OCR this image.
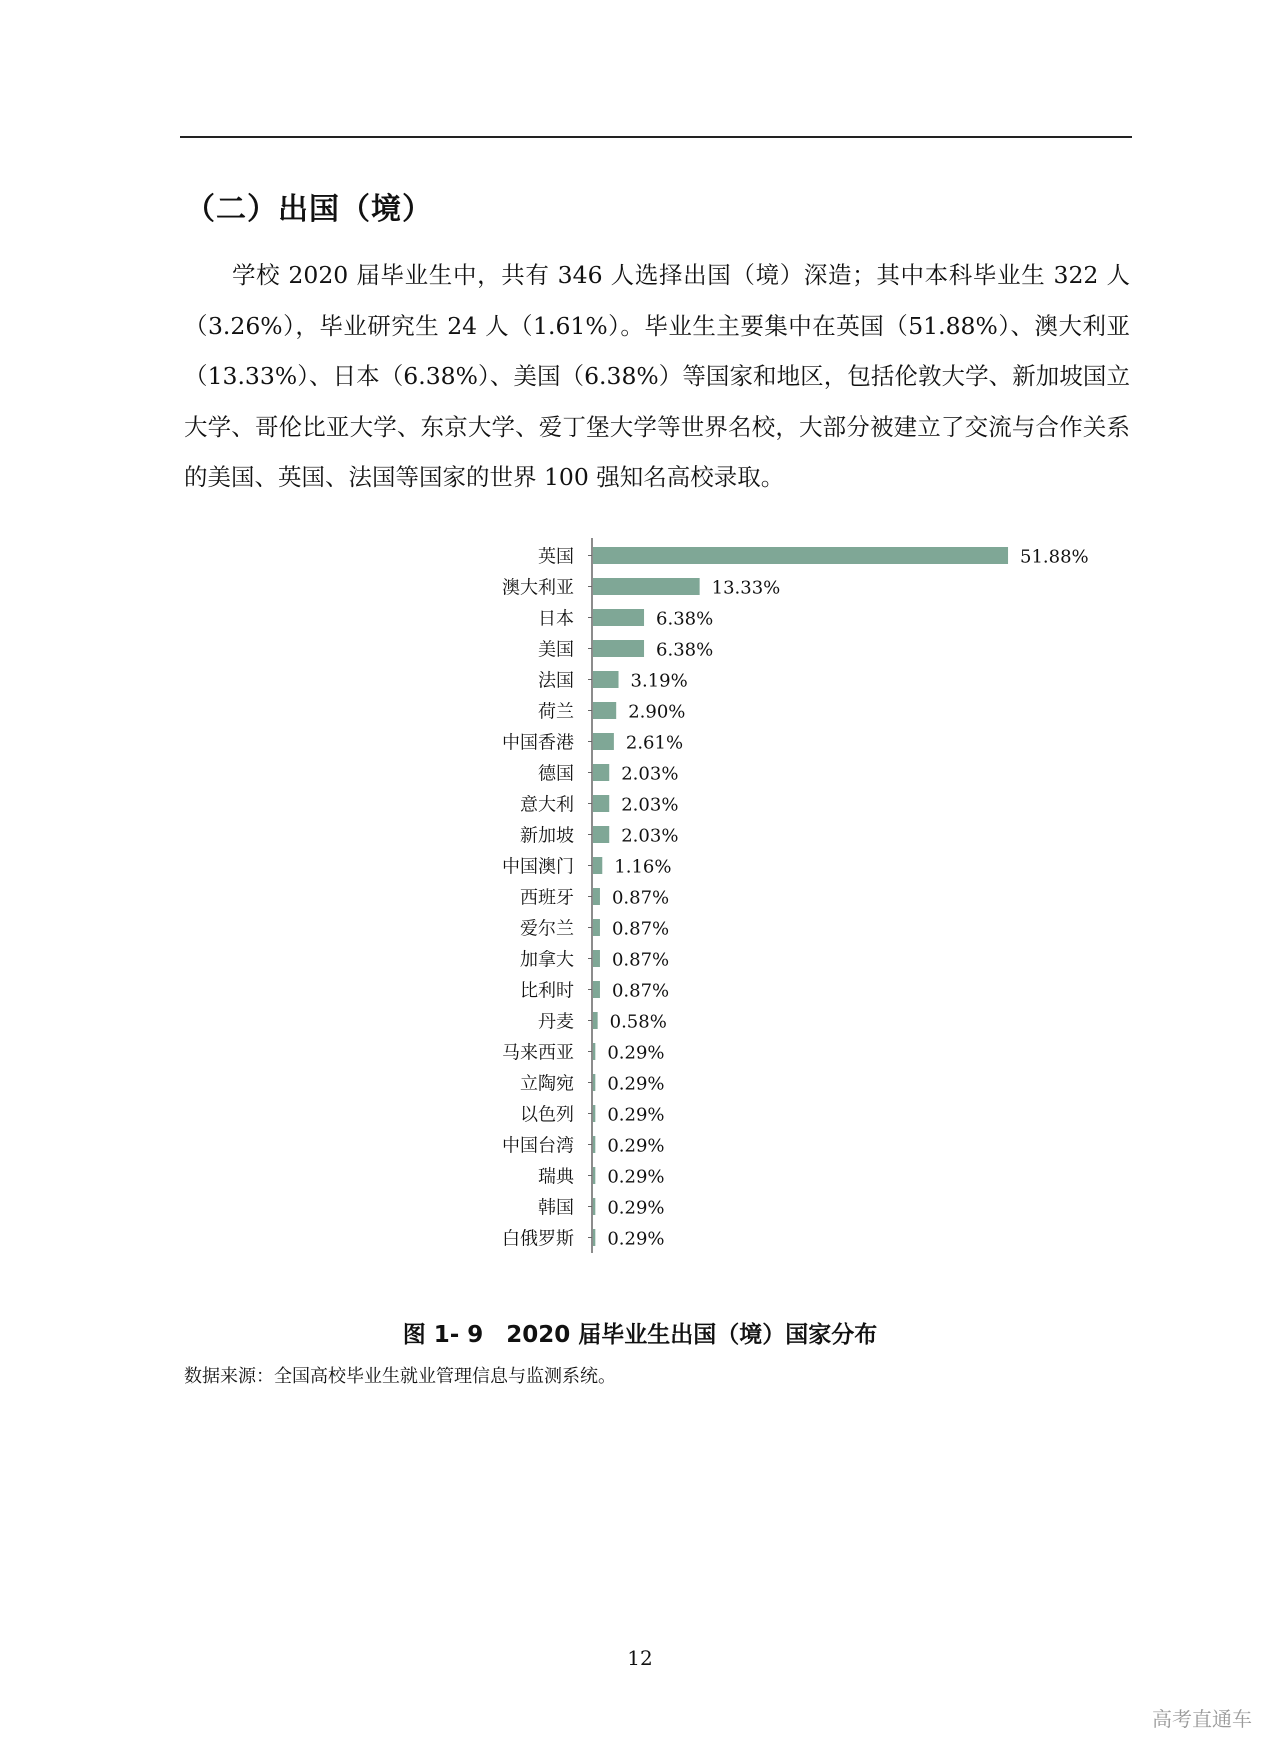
（二）出国（境）

学校 2020 届毕业生中，共有 346 人选择出国（境）深造；其中本科毕业生 322 人（3.26%），毕业研究生 24 人（1.61%）。毕业生主要集中在英国（51.88%）、澳大利亚（13.33%）、日本（6.38%）、美国（6.38%）等国家和地区，包括伦敦大学、新加坡国立大学、哥伦比亚大学、东京大学、爱丁堡大学等世界名校，大部分被建立了交流与合作关系的美国、英国、法国等国家的世界 100 强知名高校录取。

英国	51.88%
澳大利亚	13.33%
日本	6.38%
美国	6.38%
法国	3.19%
荷兰	2.90%
中国香港	2.61%
德国	2.03%
意大利	2.03%
新加坡	2.03%
中国澳门 1.16%
西班牙 0.87%
爱尔兰 0.87%
加拿大 0.87%
比利时 0.87%
丹麦 0.58%
马来西亚 0.29%
立陶宛 0.29%
以色列 0.29%
中国台湾 0.29%
瑞典 0.29%
韩国 0.29%
白俄罗斯 0.29%
图 1- 9　2020 届毕业生出国（境）国家分布
数据来源：全国高校毕业生就业管理信息与监测系统。
12
高考直通车
